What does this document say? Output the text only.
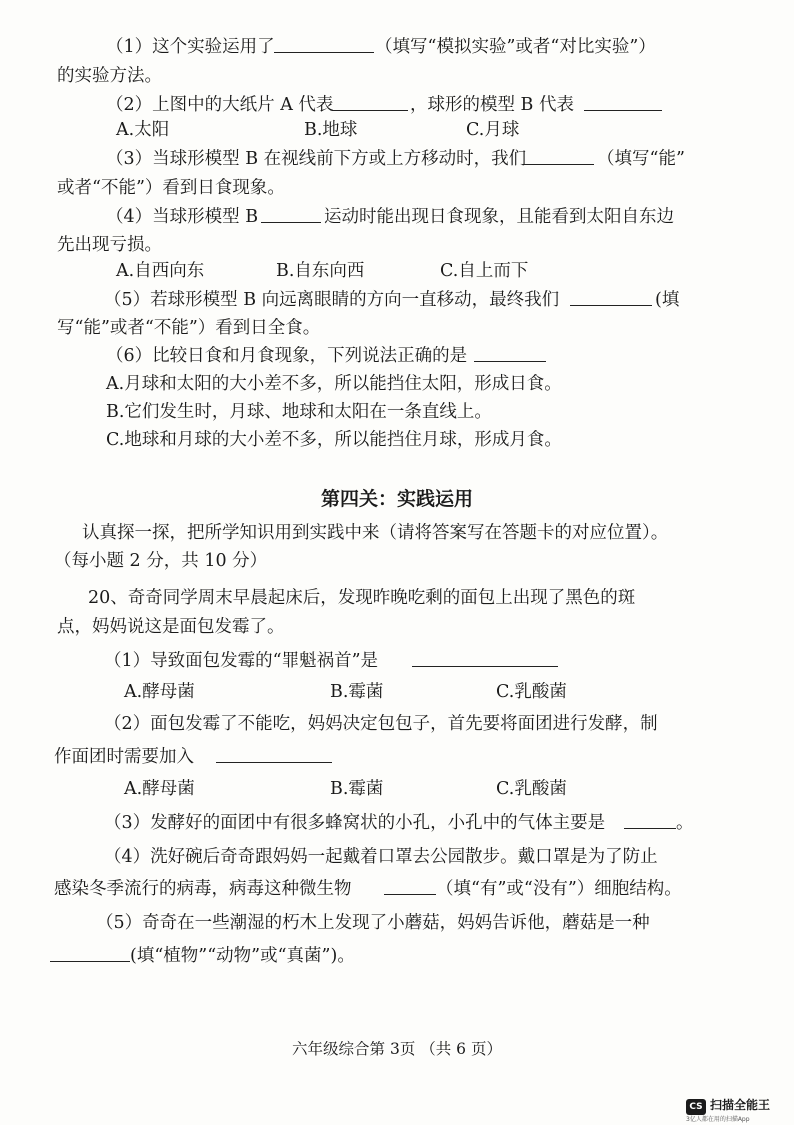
（1）这个实验运用了	（填写“模拟实验”或者“对比实验”）
的实验方法。
（2）上图中的大纸片 A 代表	，球形的模型 B 代表
A.太阳	B.地球	C.月球
（3）当球形模型 B 在视线前下方或上方移动时，我们	（填写“能”
或者“不能”）看到日食现象。
（4）当球形模型 B	运动时能出现日食现象，且能看到太阳自东边
先出现亏损。
A.自西向东	B.自东向西	C.自上而下
（5）若球形模型 B 向远离眼睛的方向一直移动，最终我们	(填
写“能”或者“不能”）看到日全食。
（6）比较日食和月食现象，下列说法正确的是
A.月球和太阳的大小差不多，所以能挡住太阳，形成日食。
B.它们发生时，月球、地球和太阳在一条直线上。
C.地球和月球的大小差不多，所以能挡住月球，形成月食。
第四关：实践运用
认真探一探，把所学知识用到实践中来（请将答案写在答题卡的对应位置）。
（每小题 2 分，共 10 分）
20、奇奇同学周末早晨起床后，发现昨晚吃剩的面包上出现了黑色的斑
点，妈妈说这是面包发霉了。
（1）导致面包发霉的“罪魁祸首”是
A.酵母菌	B.霉菌	C.乳酸菌
（2）面包发霉了不能吃，妈妈决定包包子，首先要将面团进行发酵，制
作面团时需要加入
A.酵母菌	B.霉菌	C.乳酸菌
（3）发酵好的面团中有很多蜂窝状的小孔，小孔中的气体主要是	。
（4）洗好碗后奇奇跟妈妈一起戴着口罩去公园散步。戴口罩是为了防止
感染冬季流行的病毒，病毒这种微生物	（填“有”或“没有”）细胞结构。
（5）奇奇在一些潮湿的朽木上发现了小蘑菇，妈妈告诉他，蘑菇是一种
(填“植物”“动物”或“真菌”)。
六年级综合第 3页 （共 6 页）
CS 扫描全能王
3亿人都在用的扫描App
